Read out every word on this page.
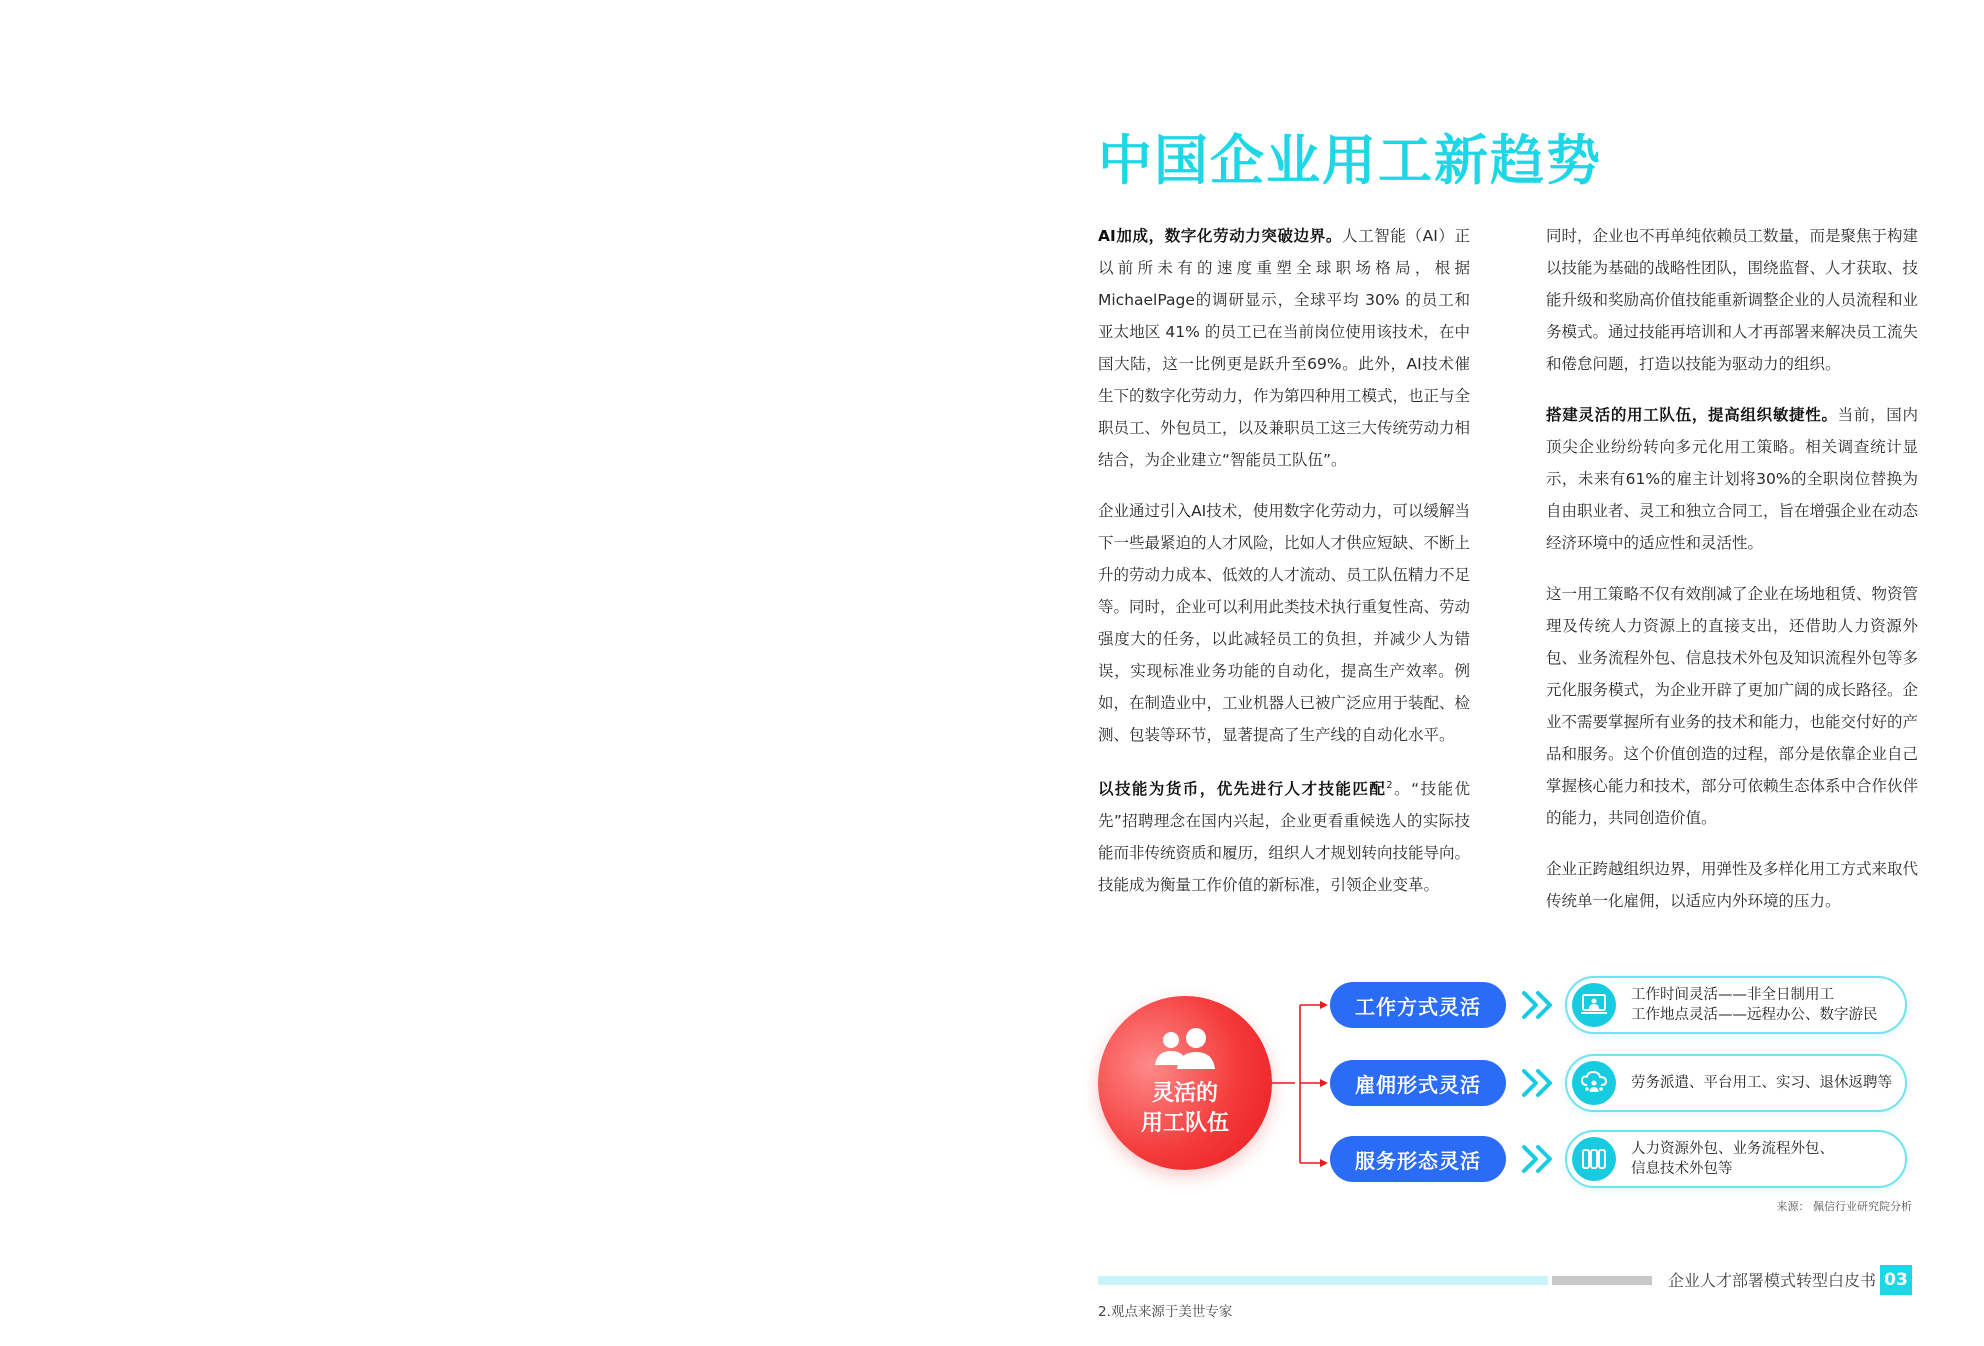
中国企业用工新趋势

AI加成，数字化劳动力突破边界。人工智能（AI）正以前所未有的速度重塑全球职场格局，根据MichaelPage的调研显示，全球平均 30% 的员工和亚太地区 41% 的员工已在当前岗位使用该技术，在中国大陆，这一比例更是跃升至69%。此外，AI技术催生下的数字化劳动力，作为第四种用工模式，也正与全职员工、外包员工，以及兼职员工这三大传统劳动力相结合，为企业建立“智能员工队伍”。

企业通过引入AI技术，使用数字化劳动力，可以缓解当下一些最紧迫的人才风险，比如人才供应短缺、不断上升的劳动力成本、低效的人才流动、员工队伍精力不足等。同时，企业可以利用此类技术执行重复性高、劳动强度大的任务，以此减轻员工的负担，并减少人为错误，实现标准业务功能的自动化，提高生产效率。例如，在制造业中，工业机器人已被广泛应用于装配、检测、包装等环节，显著提高了生产线的自动化水平。

以技能为货币，优先进行人才技能匹配$^2$。“技能优先”招聘理念在国内兴起，企业更看重候选人的实际技能而非传统资质和履历，组织人才规划转向技能导向。技能成为衡量工作价值的新标准，引领企业变革。

同时，企业也不再单纯依赖员工数量，而是聚焦于构建以技能为基础的战略性团队，围绕监督、人才获取、技能升级和奖励高价值技能重新调整企业的人员流程和业务模式。通过技能再培训和人才再部署来解决员工流失和倦怠问题，打造以技能为驱动力的组织。

搭建灵活的用工队伍，提高组织敏捷性。当前，国内顶尖企业纷纷转向多元化用工策略。相关调查统计显示，未来有61%的雇主计划将30%的全职岗位替换为自由职业者、灵工和独立合同工，旨在增强企业在动态经济环境中的适应性和灵活性。

这一用工策略不仅有效削减了企业在场地租赁、物资管理及传统人力资源上的直接支出，还借助人力资源外包、业务流程外包、信息技术外包及知识流程外包等多元化服务模式，为企业开辟了更加广阔的成长路径。企业不需要掌握所有业务的技术和能力，也能交付好的产品和服务。这个价值创造的过程，部分是依靠企业自己掌握核心能力和技术，部分可依赖生态体系中合作伙伴的能力，共同创造价值。

企业正跨越组织边界，用弹性及多样化用工方式来取代传统单一化雇佣，以适应内外环境的压力。

灵活的
用工队伍
工作方式灵活	工作时间灵活——非全日制用工
工作地点灵活——远程办公、数字游民
雇佣形式灵活	劳务派遣、平台用工、实习、退休返聘等
服务形态灵活	人力资源外包、业务流程外包、
信息技术外包等
来源： 佩信行业研究院分析
企业人才部署模式转型白皮书 03
2.观点来源于美世专家
